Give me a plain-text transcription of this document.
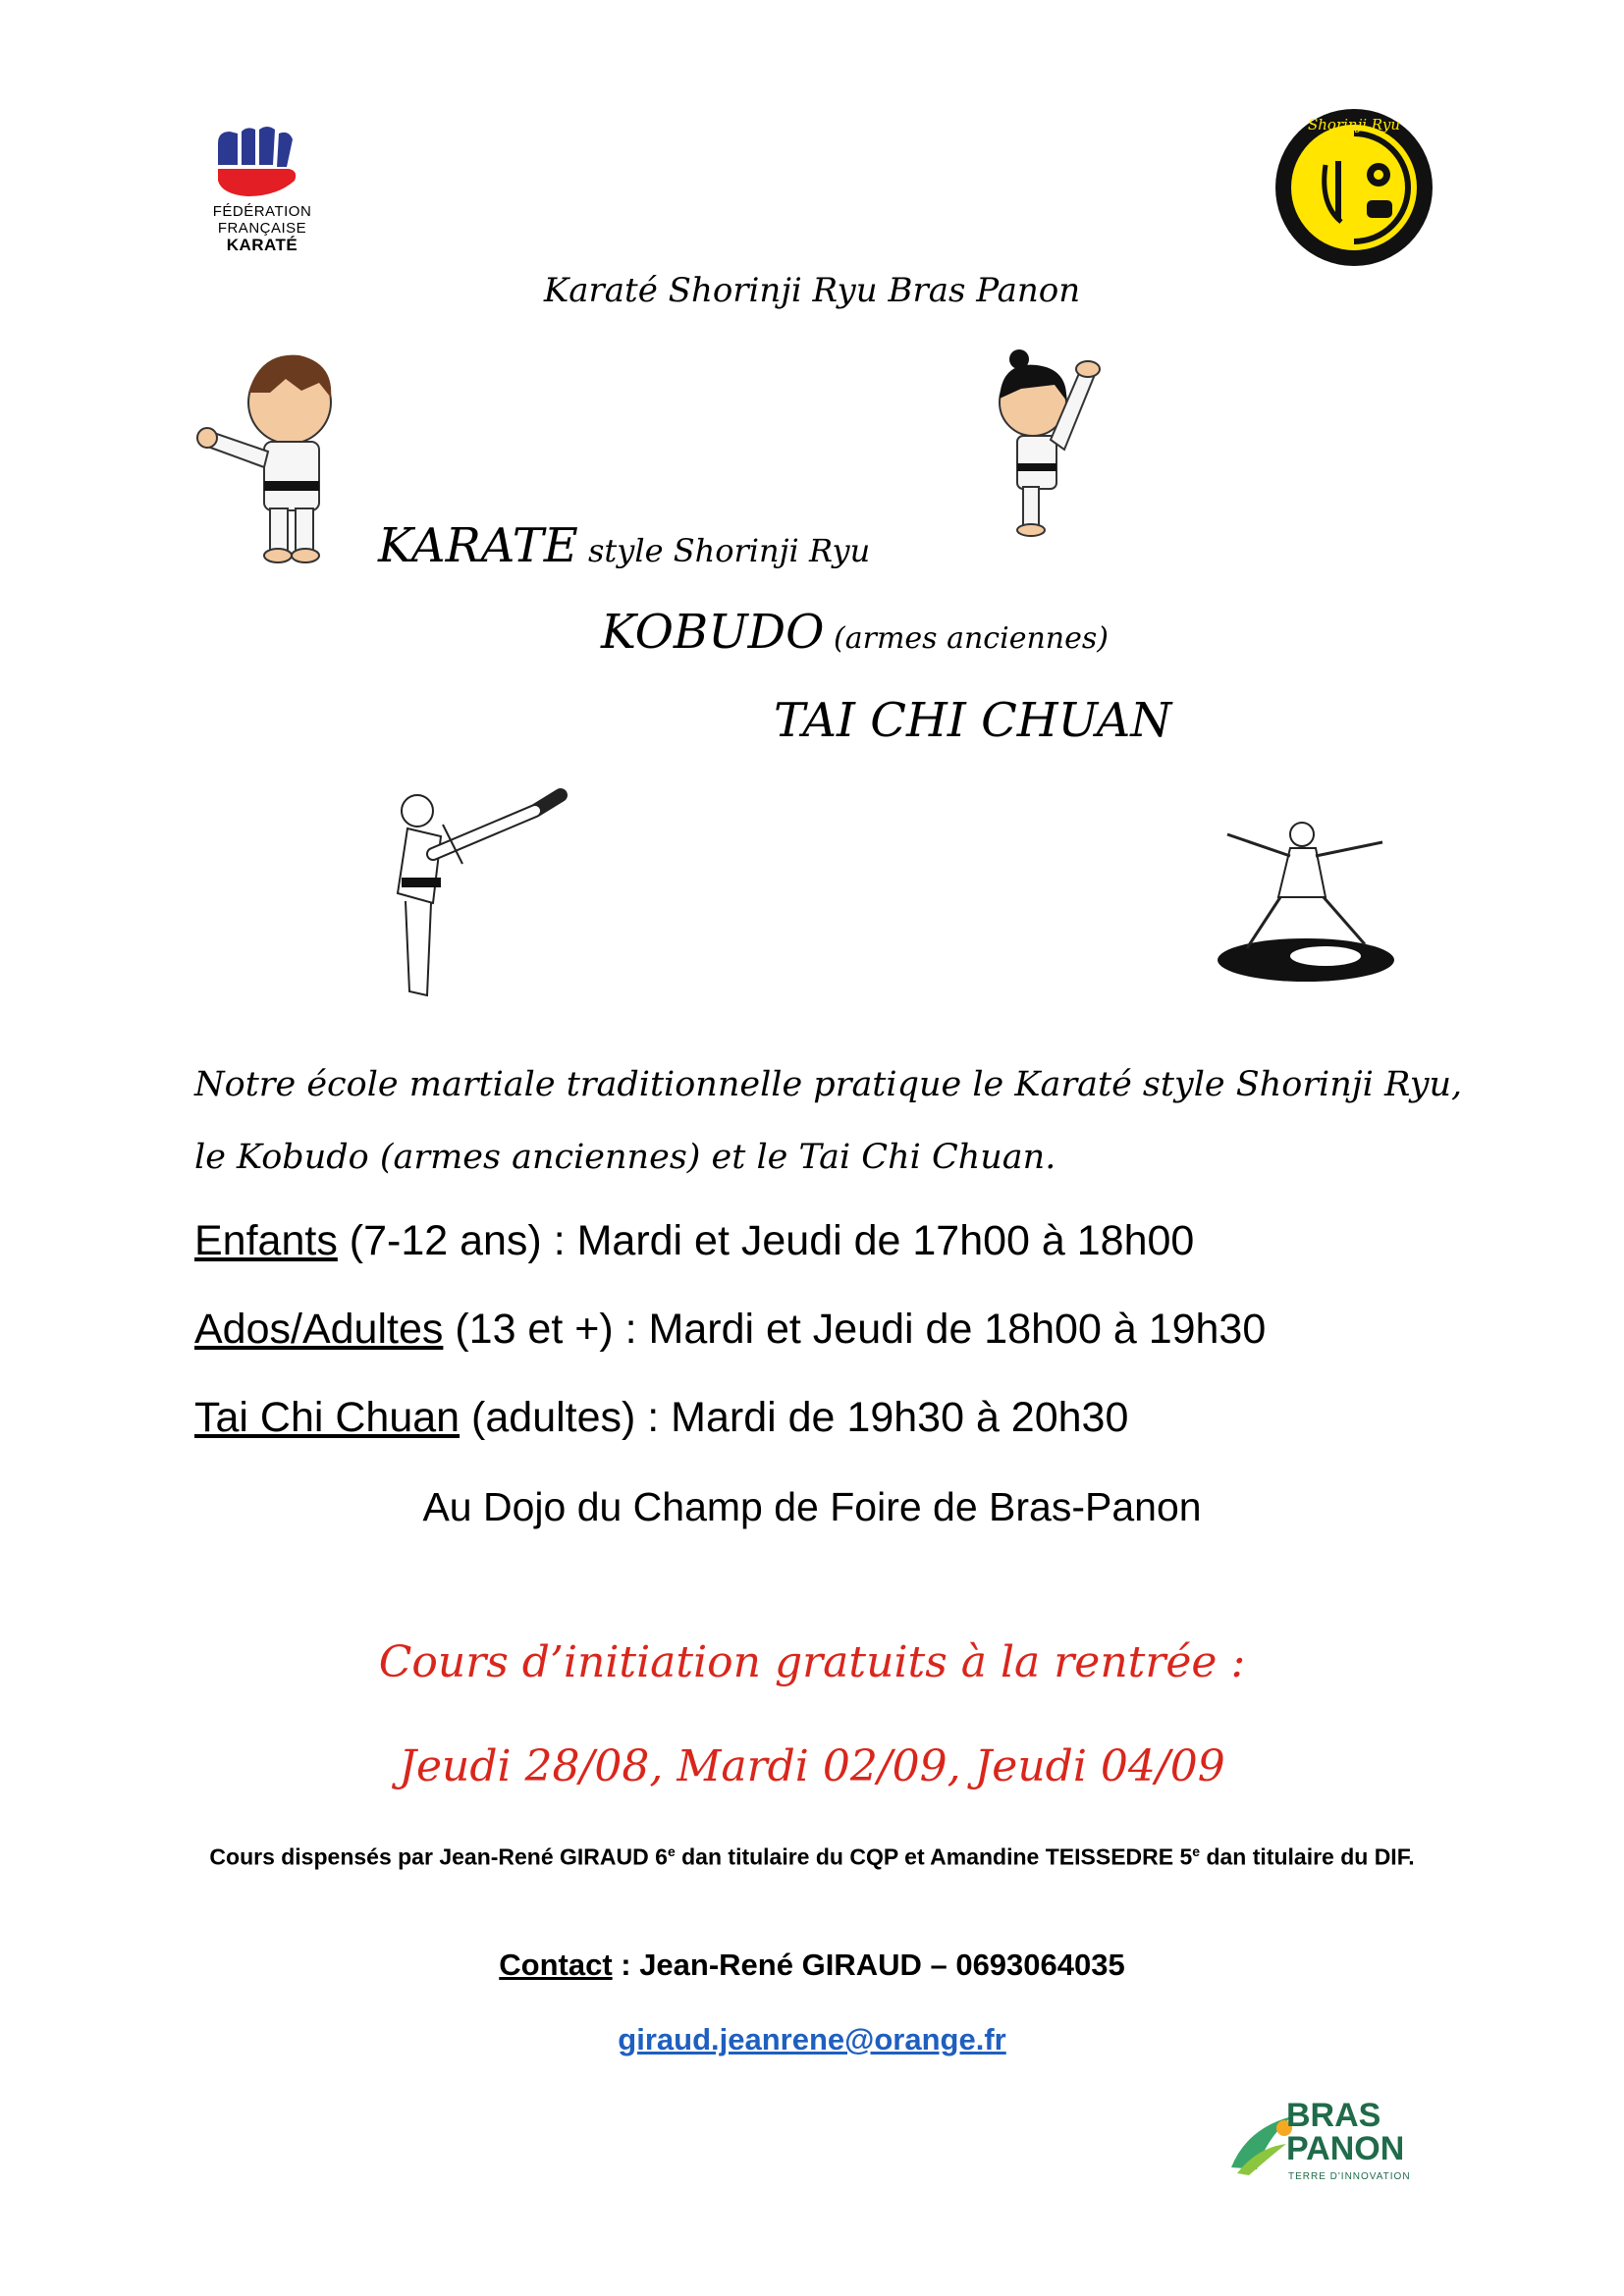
FÉDÉRATION
FRANÇAISE
KARATÉ
Shorinji Ryu
Karaté Shorinji Ryu Bras Panon
KARATE style Shorinji Ryu
KOBUDO (armes anciennes)
TAI CHI CHUAN
Notre école martiale traditionnelle pratique le Karaté style Shorinji Ryu, le Kobudo (armes anciennes) et le Tai Chi Chuan.
Enfants (7-12 ans) : Mardi et Jeudi de 17h00 à 18h00
Ados/Adultes (13 et +) : Mardi et Jeudi de 18h00 à 19h30
Tai Chi Chuan (adultes) : Mardi de 19h30 à 20h30
Au Dojo du Champ de Foire de Bras-Panon
Cours d’initiation gratuits à la rentrée :
Jeudi 28/08, Mardi 02/09, Jeudi 04/09
Cours dispensés par Jean-René GIRAUD 6e dan titulaire du CQP et Amandine TEISSEDRE 5e dan titulaire du DIF.
Contact : Jean-René GIRAUD – 0693064035
giraud.jeanrene@orange.fr
BRAS
PANON
TERRE D'INNOVATION
